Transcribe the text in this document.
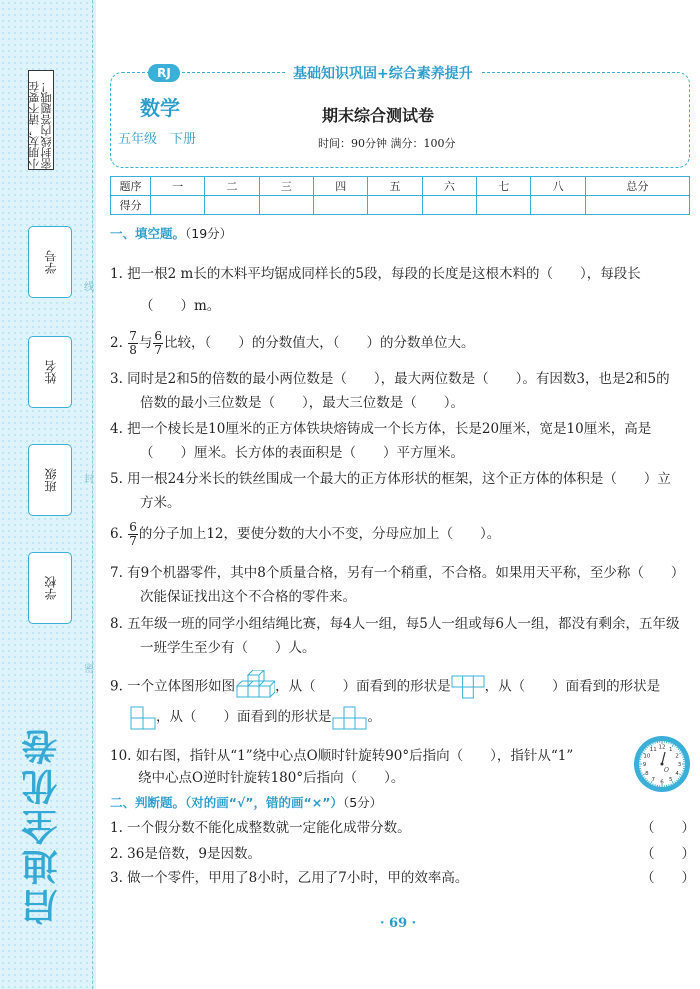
小朋友，请不要在密封线内答题哦！
学号
姓名
班级
学校
线
封
密
启迪全优卷
RJ	基础知识巩固+综合素养提升
数学
五年级　下册
期末综合测试卷
时间：90分钟 满分：100分
题序	一	二	三	四	五	六	七	八	总分
得分									
一、填空题。（19分）
1. 把一根2 m长的木料平均锯成同样长的5段，每段的长度是这根木料的（　　），每段长
（　　）m。
2. $\frac{7}{8}$ 与 $\frac{6}{7}$ 比较，（　　）的分数值大，（　　）的分数单位大。
3. 同时是2和5的倍数的最小两位数是（　　），最大两位数是（　　）。有因数3，也是2和5的
倍数的最小三位数是（　　），最大三位数是（　　）。
4. 把一个棱长是10厘米的正方体铁块熔铸成一个长方体，长是20厘米，宽是10厘米，高是
（　　）厘米。长方体的表面积是（　　）平方厘米。
5. 用一根24分米长的铁丝围成一个最大的正方体形状的框架，这个正方体的体积是（　　）立
方米。
6. $\frac{6}{7}$ 的分子加上12，要使分数的大小不变，分母应加上（　　）。
7. 有9个机器零件，其中8个质量合格，另有一个稍重，不合格。如果用天平称，至少称（　　）
次能保证找出这个不合格的零件来。
8. 五年级一班的同学小组结绳比赛，每4人一组，每5人一组或每6人一组，都没有剩余，五年级
一班学生至少有（　　）人。
9. 一个立体图形如图	，从（　　）面看到的形状是	，从（　　）面看到的形状是
，从（　　）面看到的形状是	。
10. 如右图，指针从“1”绕中心点O顺时针旋转90°后指向（　　），指针从“1”
绕中心点O逆时针旋转180°后指向（　　）。
12 1
2
3
4
5
6
7
8
9
10
11
O
二、判断题。（对的画“√”，错的画“×”）（5分）
1. 一个假分数不能化成整数就一定能化成带分数。	（　　）
2. 36是倍数，9是因数。	（　　）
3. 做一个零件，甲用了8小时，乙用了7小时，甲的效率高。	（　　）
· 69 ·
